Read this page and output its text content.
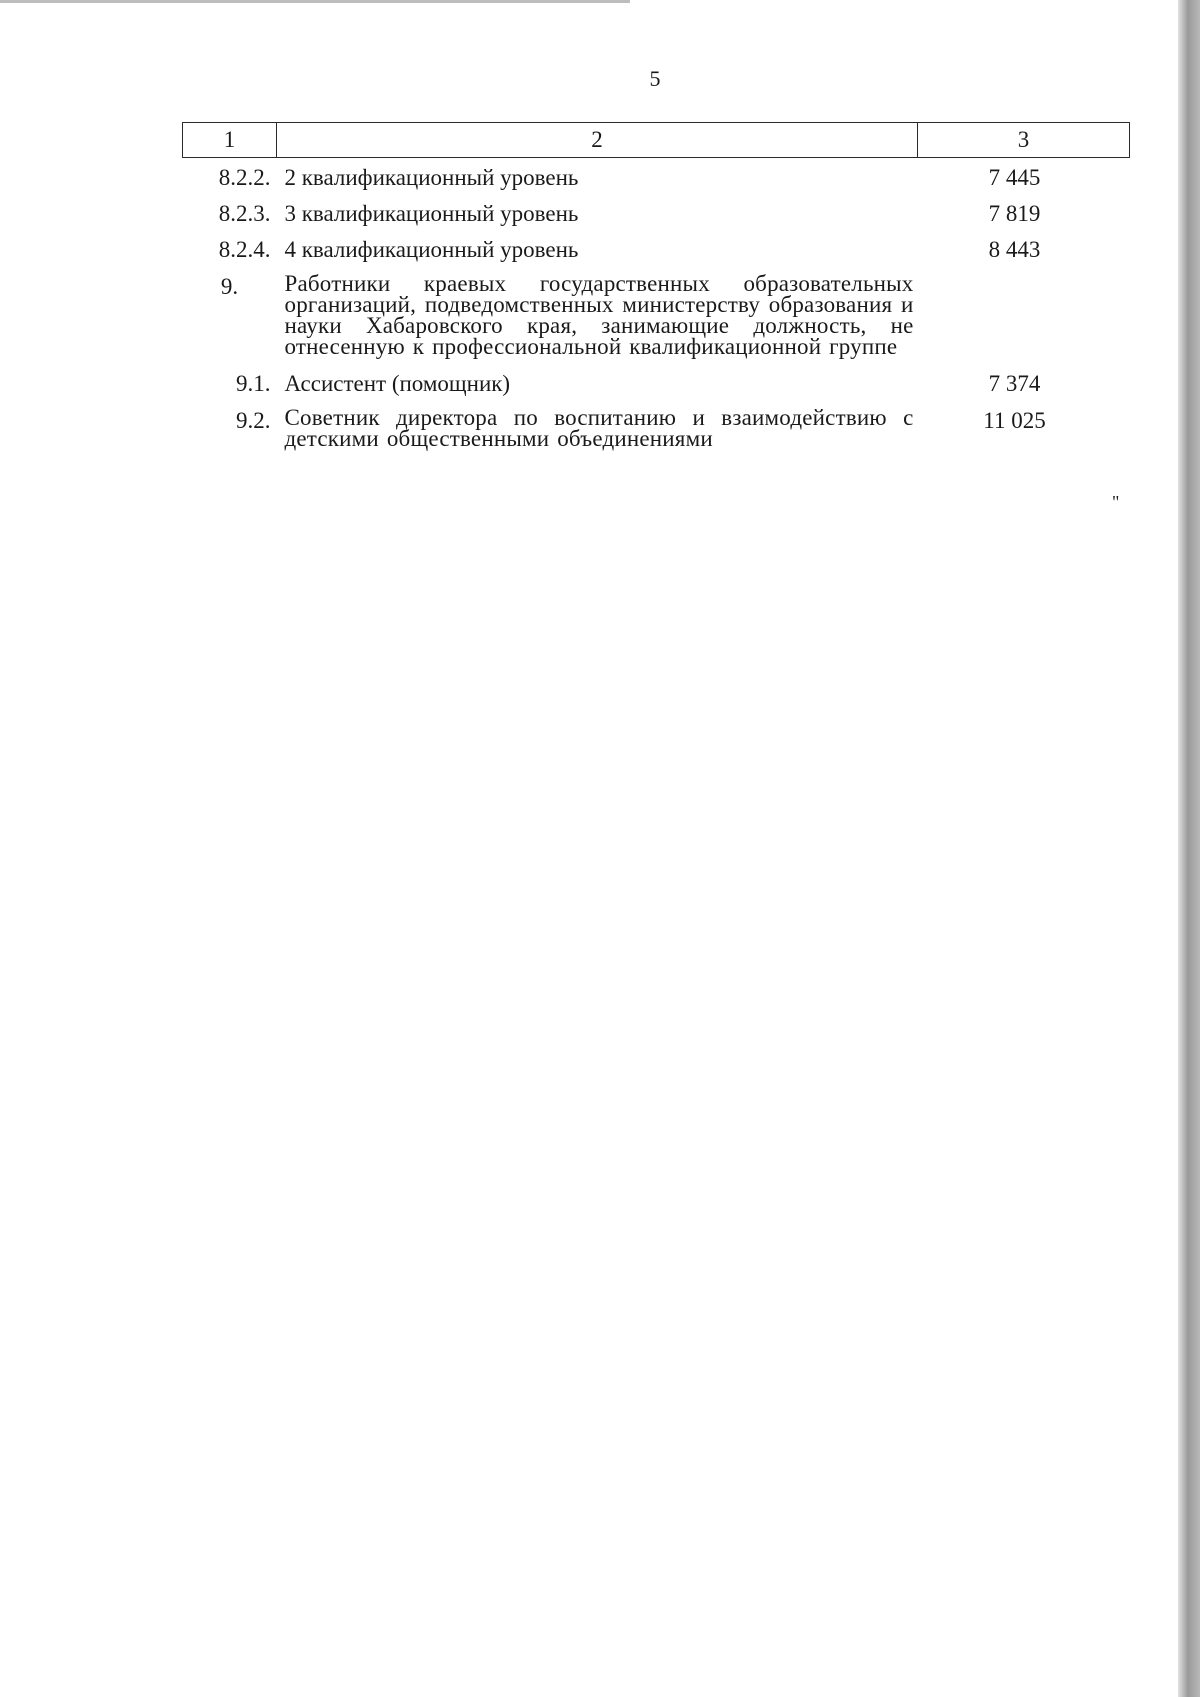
5
1	2	3
8.2.2.	2 квалификационный уровень	7 445
8.2.3.	3 квалификационный уровень	7 819
8.2.4.	4 квалификационный уровень	8 443
9.	Работники краевых государственных образовательных организаций, подведомственных министерству образования и науки Хабаровского края, занимающие должность, не отнесенную к профессиональной квалификационной группе	
9.1.	Ассистент (помощник)	7 374
9.2.	Советник директора по воспитанию и взаимодействию с детскими общественными объединениями	11 025
"
